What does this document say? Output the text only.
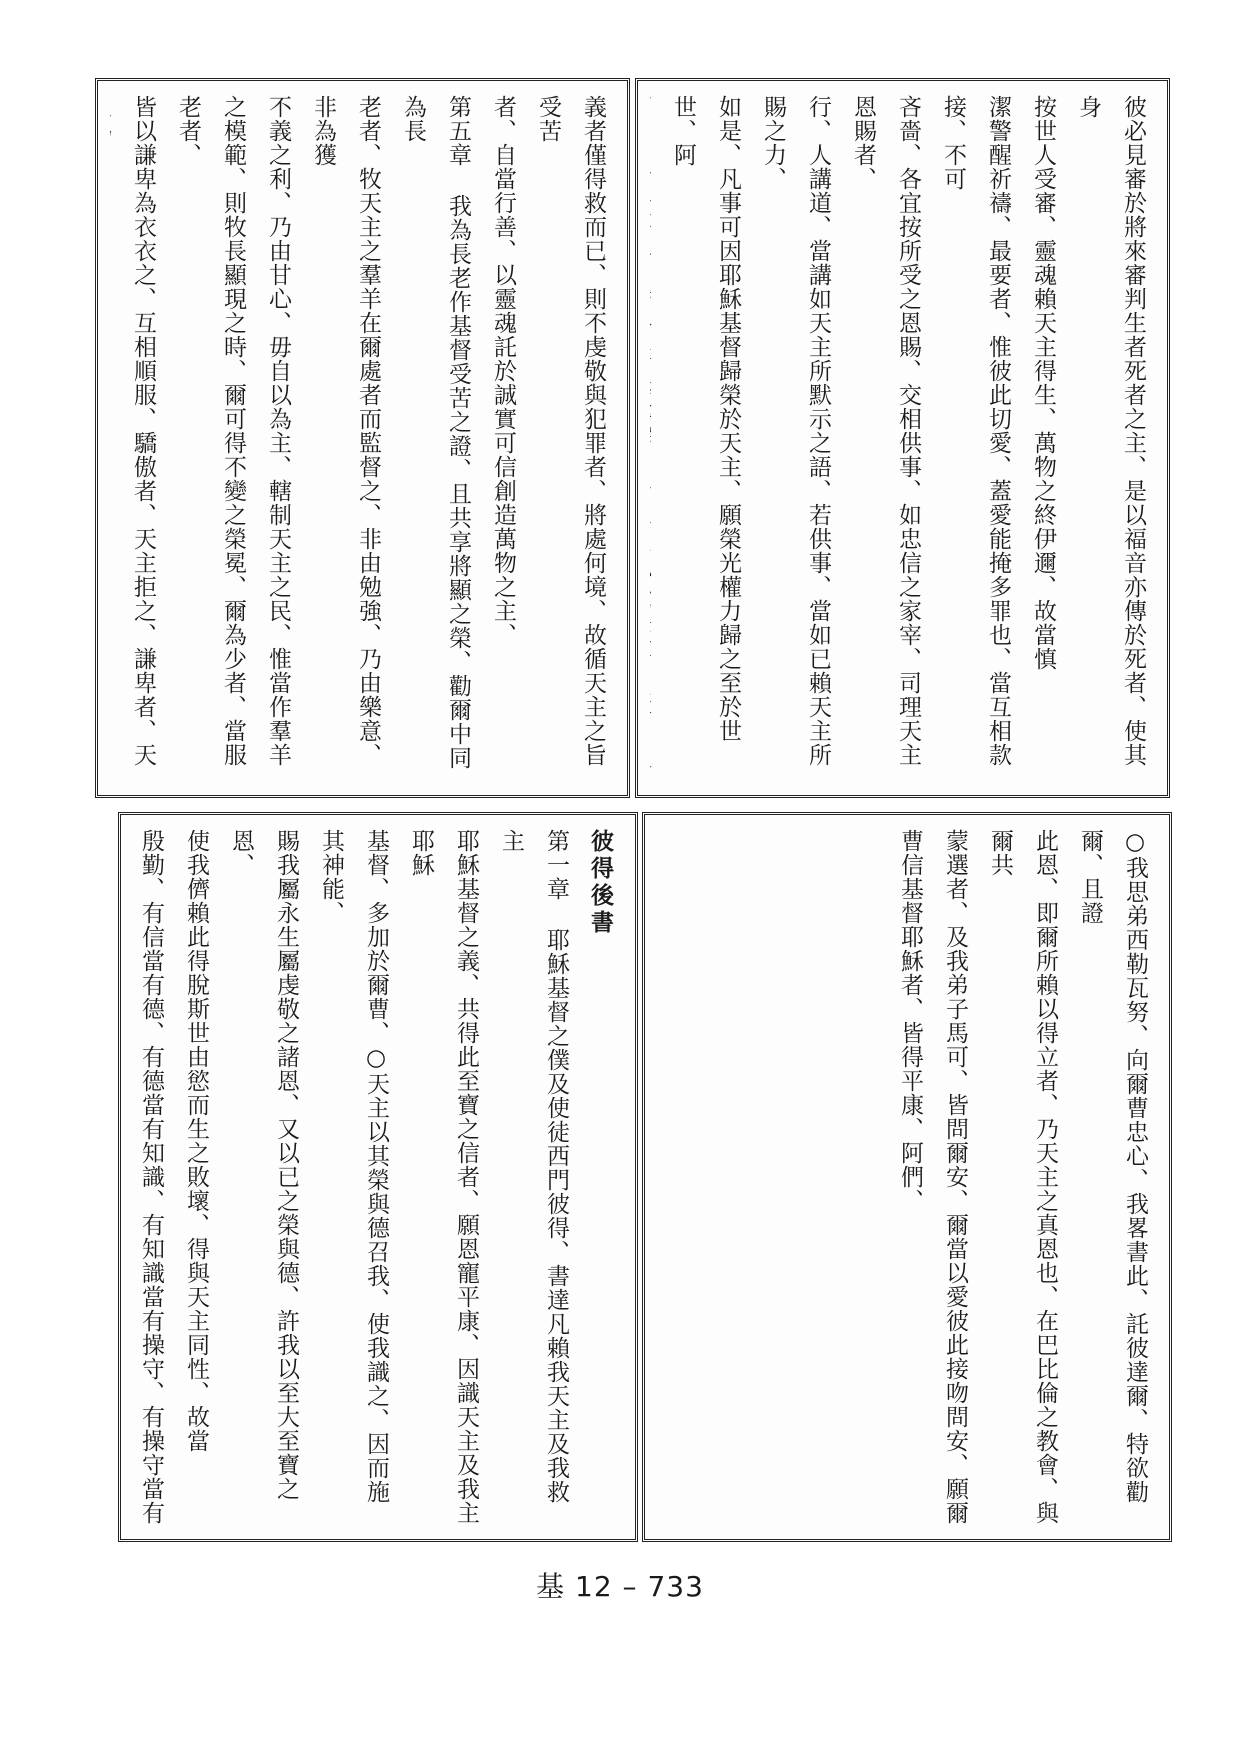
彼必見審於將來審判生者死者之主、是以福音亦傳於死者、使其身
按世人受審、靈魂賴天主得生、萬物之終伊邇、故當慎
潔警醒祈禱、最要者、惟彼此切愛、蓋愛能掩多罪也、當互相款接、不可
吝嗇、各宜按所受之恩賜、交相供事、如忠信之家宰、司理天主恩賜者、
行、人講道、當講如天主所默示之語、若供事、當如已賴天主所賜之力、
如是、凡事可因耶穌基督歸榮於天主、願榮光權力歸之至於世世、阿
義者僅得救而已、則不虔敬與犯罪者、將處何境、故循天主之旨受苦
者、自當行善、以靈魂託於誠實可信創造萬物之主、
第五章 我為長老作基督受苦之證、且共享將顯之榮、勸爾中同為長
老者、牧天主之羣羊在爾處者而監督之、非由勉強、乃由樂意、非為獲
不義之利、乃由甘心、毋自以為主、轄制天主之民、惟當作羣羊
之模範、則牧長顯現之時、爾可得不變之榮冕、爾為少者、當服老者、
皆以謙卑為衣衣之、互相順服、驕傲者、天主拒之、謙卑者、天
○我思弟西勒瓦努、向爾曹忠心、我畧書此、託彼達爾、特欲勸爾、且證
此恩、即爾所賴以得立者、乃天主之真恩也、在巴比倫之教會、與爾共
蒙選者、及我弟子馬可、皆問爾安、爾當以愛彼此接吻問安、願爾
曹信基督耶穌者、皆得平康、阿們、
彼得後書
第一章 耶穌基督之僕及使徒西門彼得、書達凡賴我天主及我救主
耶穌基督之義、共得此至寶之信者、願恩寵平康、因識天主及我主耶穌
基督、多加於爾曹、○天主以其榮與德召我、使我識之、因而施其神能、
賜我屬永生屬虔敬之諸恩、又以已之榮與德、許我以至大至寶之恩、
使我儕賴此得脫斯世由慾而生之敗壞、得與天主同性、故當
殷勤、有信當有德、有德當有知識、有知識當有操守、有操守當有
基 12 – 733
